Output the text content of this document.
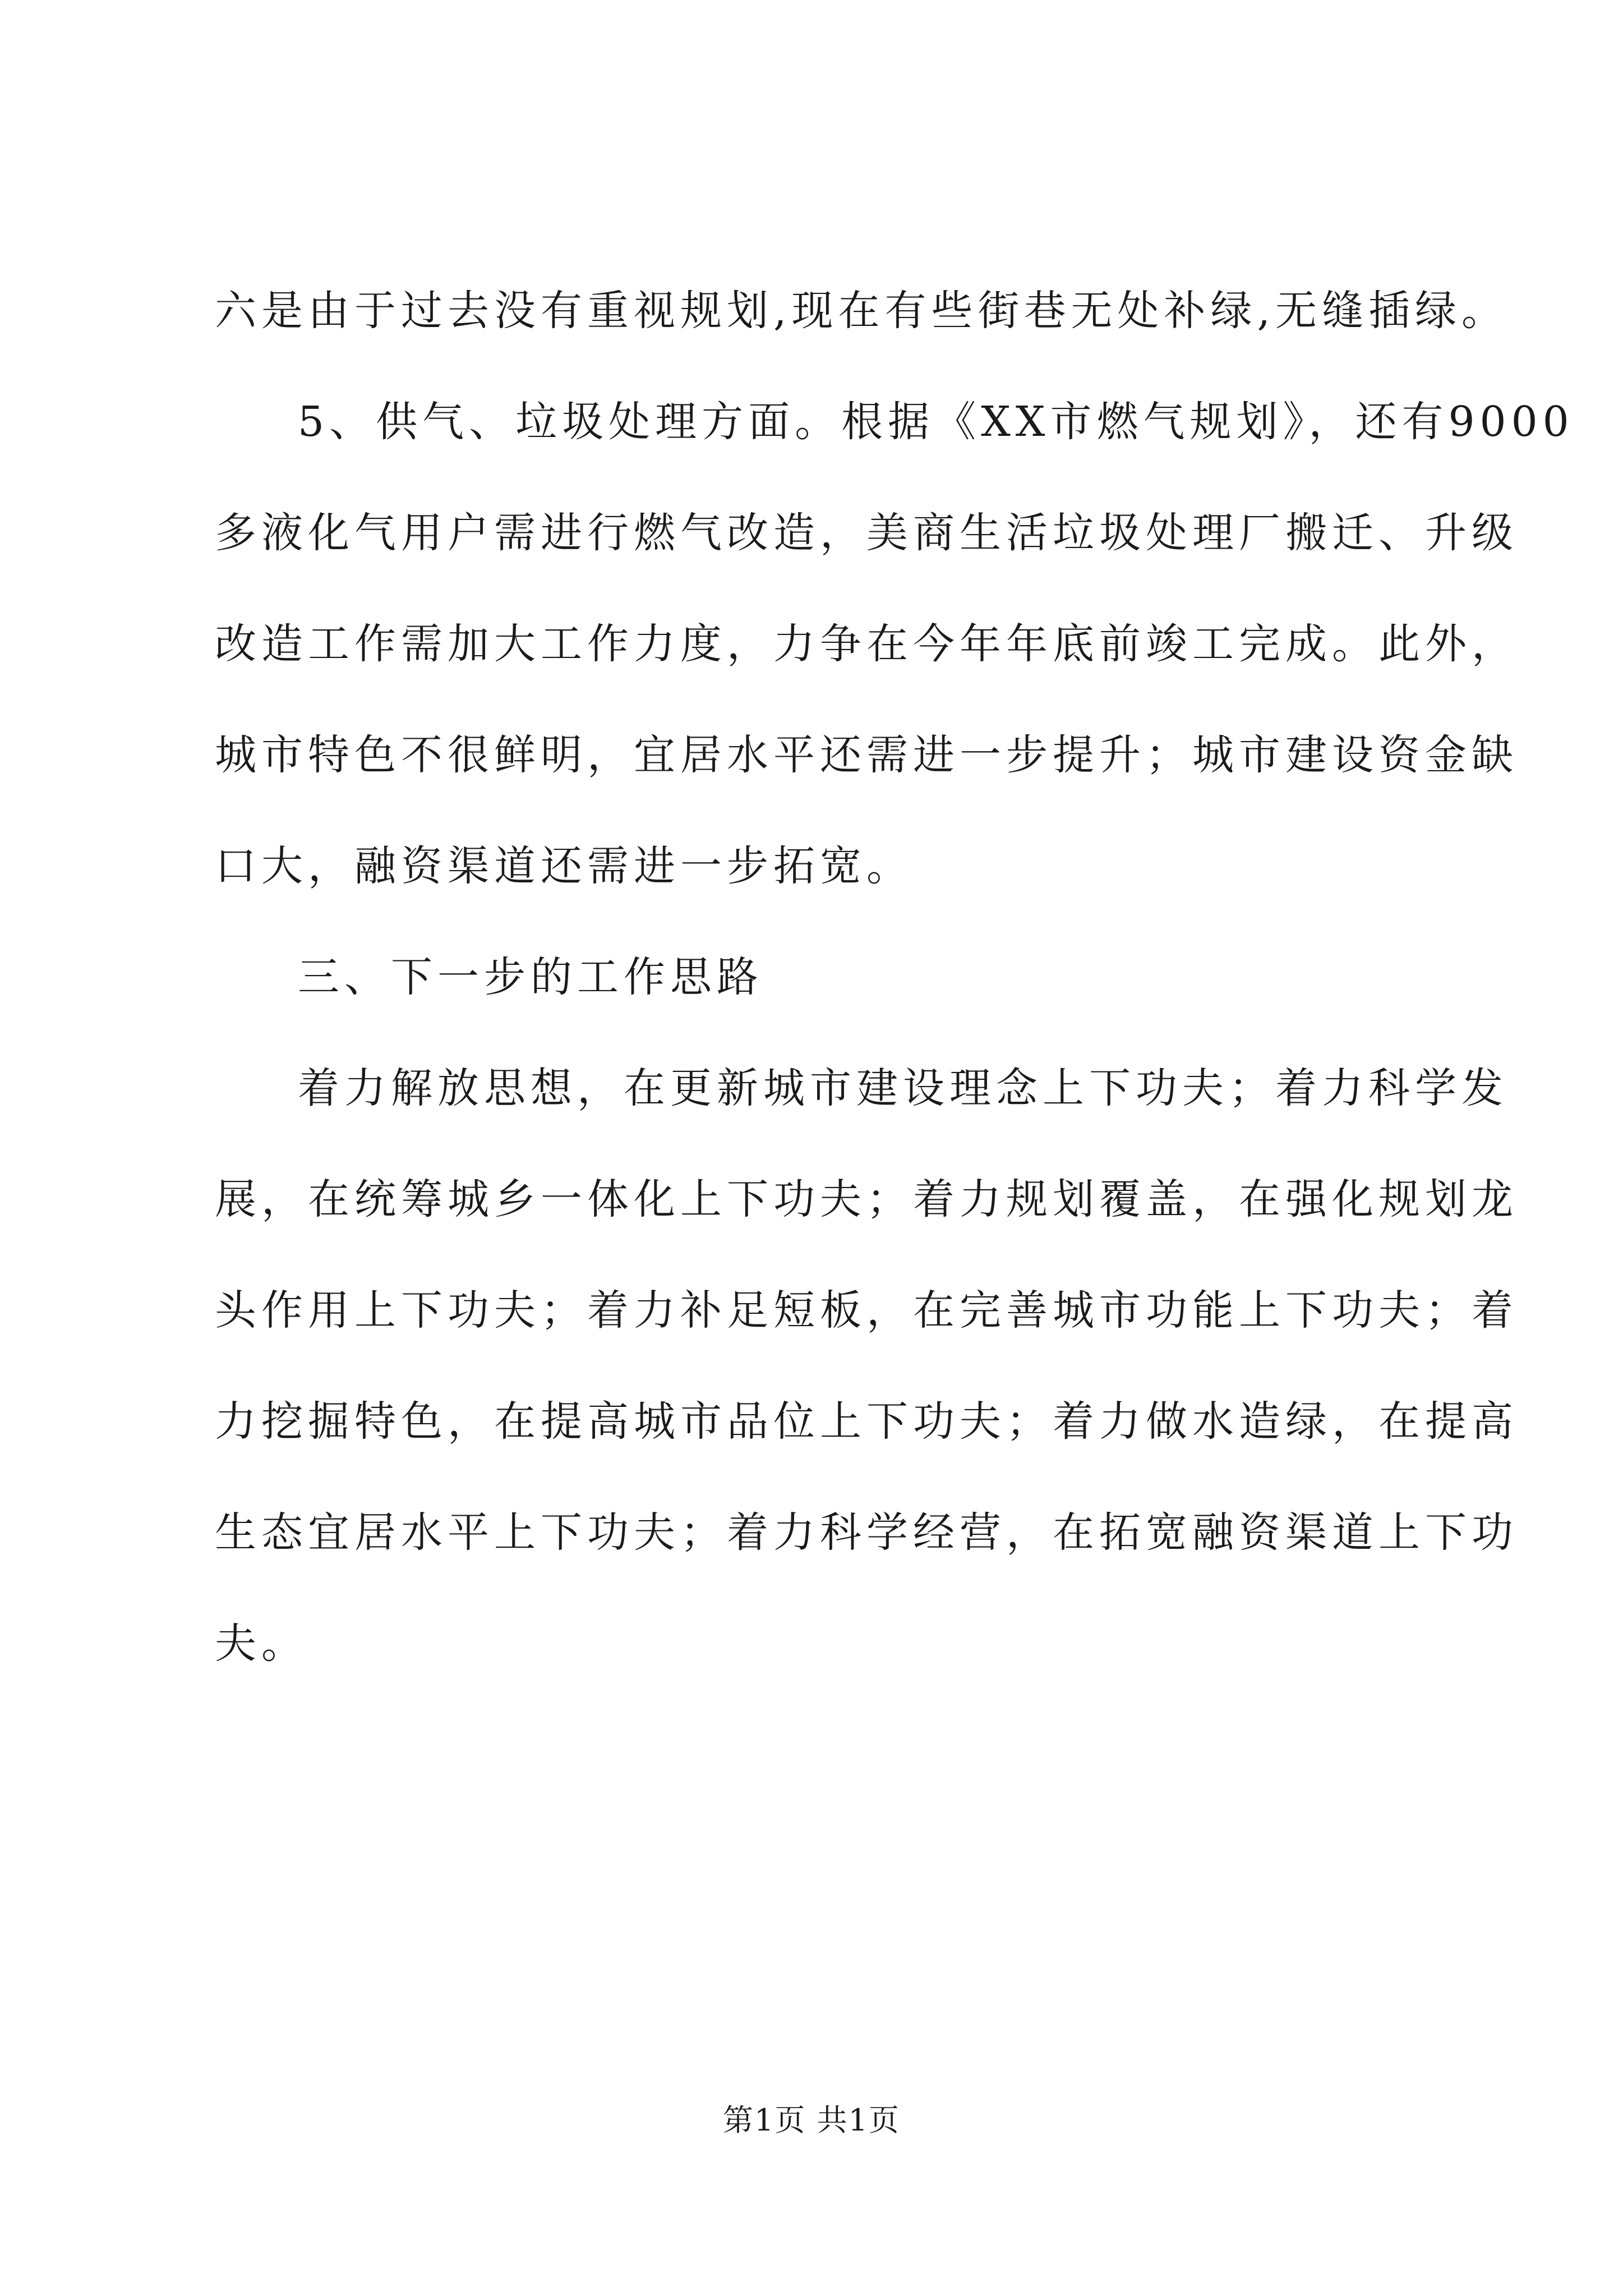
六是由于过去没有重视规划,现在有些街巷无处补绿,无缝插绿。
5、供气、垃圾处理方面。根据《XX市燃气规划》，还有9000
多液化气用户需进行燃气改造，美商生活垃圾处理厂搬迁、升级
改造工作需加大工作力度，力争在今年年底前竣工完成。此外，
城市特色不很鲜明，宜居水平还需进一步提升；城市建设资金缺
口大，融资渠道还需进一步拓宽。
三、下一步的工作思路
着力解放思想，在更新城市建设理念上下功夫；着力科学发
展，在统筹城乡一体化上下功夫；着力规划覆盖，在强化规划龙
头作用上下功夫；着力补足短板，在完善城市功能上下功夫；着
力挖掘特色，在提高城市品位上下功夫；着力做水造绿，在提高
生态宜居水平上下功夫；着力科学经营，在拓宽融资渠道上下功
夫。
第1页 共1页
